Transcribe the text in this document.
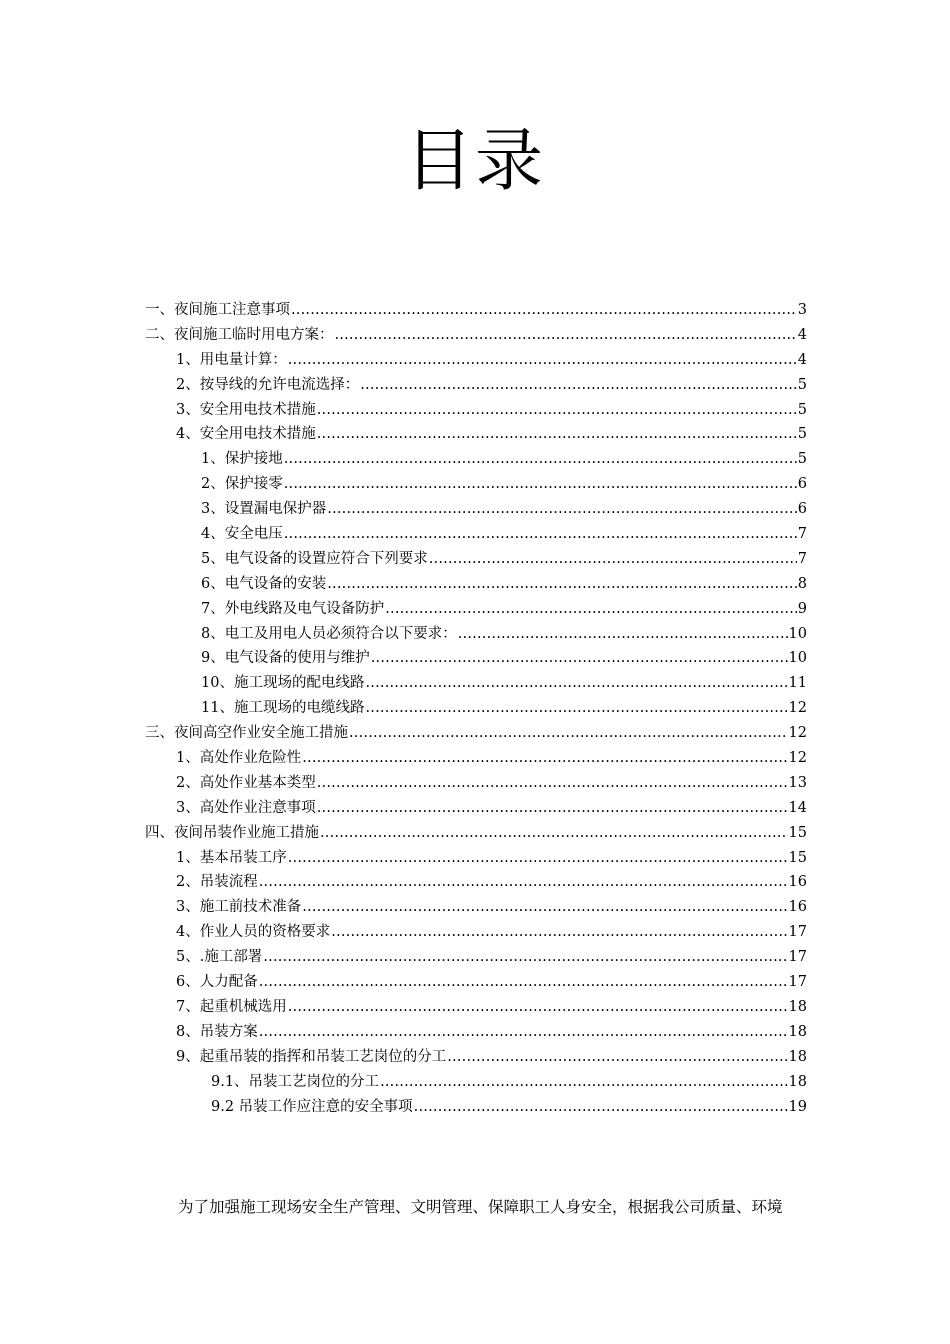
目录
一、夜间施工注意事项 .....	3
二、夜间施工临时用电方案： .....	4
1、用电量计算： .....	4
2、按导线的允许电流选择： .....	5
3、安全用电技术措施 .....	5
4、安全用电技术措施 .....	5
1、保护接地 .....	5
2、保护接零 .....	6
3、设置漏电保护器 .....	6
4、安全电压 .....	7
5、电气设备的设置应符合下列要求 .....	7
6、电气设备的安装 .....	8
7、外电线路及电气设备防护 .....	9
8、电工及用电人员必须符合以下要求： .....	10
9、电气设备的使用与维护 .....	10
10、施工现场的配电线路 .....	11
11、施工现场的电缆线路 .....	12
三、夜间高空作业安全施工措施 .....	12
1、高处作业危险性 .....	12
2、高处作业基本类型 .....	13
3、高处作业注意事项 .....	14
四、夜间吊装作业施工措施 .....	15
1、基本吊装工序 .....	15
2、吊装流程 .....	16
3、施工前技术准备 .....	16
4、作业人员的资格要求 .....	17
5、.施工部署 .....	17
6、人力配备 .....	17
7、起重机械选用 .....	18
8、吊装方案 .....	18
9、起重吊装的指挥和吊装工艺岗位的分工 .....	18
9.1、吊装工艺岗位的分工 .....	18
9.2 吊装工作应注意的安全事项 .....	19

为了加强施工现场安全生产管理、文明管理、保障职工人身安全，根据我公司质量、环境
